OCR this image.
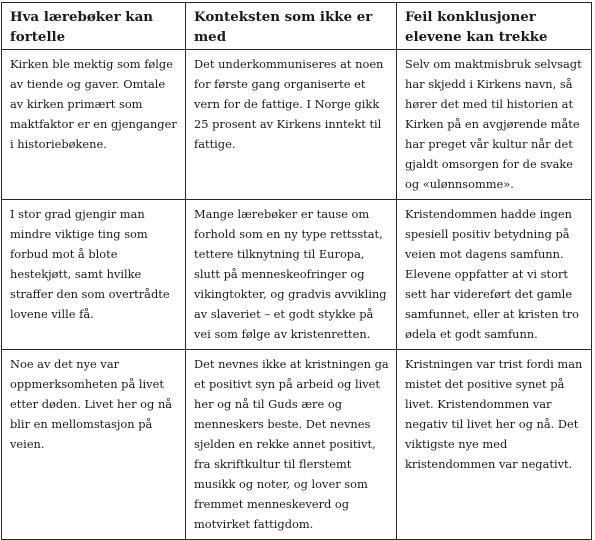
Hva lærebøker kan fortelle	Konteksten som ikke er med	Feil konklusjoner elevene kan trekke
Kirken ble mektig som følge av tiende og gaver. Omtale av kirken primært som maktfaktor er en gjenganger i historiebøkene.	Det underkommuniseres at noen for første gang organiserte et vern for de fattige. I Norge gikk 25 prosent av Kirkens inntekt til fattige.	Selv om maktmisbruk selvsagt har skjedd i Kirkens navn, så hører det med til historien at Kirken på en avgjørende måte har preget vår kultur når det gjaldt omsorgen for de svake og «ulønnsomme».
I stor grad gjengir man mindre viktige ting som forbud mot å blote hestekjøtt, samt hvilke straffer den som overtrådte lovene ville få.	Mange lærebøker er tause om forhold som en ny type rettsstat, tettere tilknytning til Europa, slutt på menneskeofringer og vikingtokter, og gradvis avvikling av slaveriet – et godt stykke på vei som følge av kristenretten.	Kristendommen hadde ingen spesiell positiv betydning på veien mot dagens samfunn. Elevene oppfatter at vi stort sett har videreført det gamle samfunnet, eller at kristen tro ødela et godt samfunn.
Noe av det nye var oppmerksomheten på livet etter døden. Livet her og nå blir en mellomstasjon på veien.	Det nevnes ikke at kristningen ga et positivt syn på arbeid og livet her og nå til Guds ære og menneskers beste. Det nevnes sjelden en rekke annet positivt, fra skriftkultur til flerstemt musikk og noter, og lover som fremmet menneskeverd og motvirket fattigdom.	Kristningen var trist fordi man mistet det positive synet på livet. Kristendommen var negativ til livet her og nå. Det viktigste nye med kristendommen var negativt.
